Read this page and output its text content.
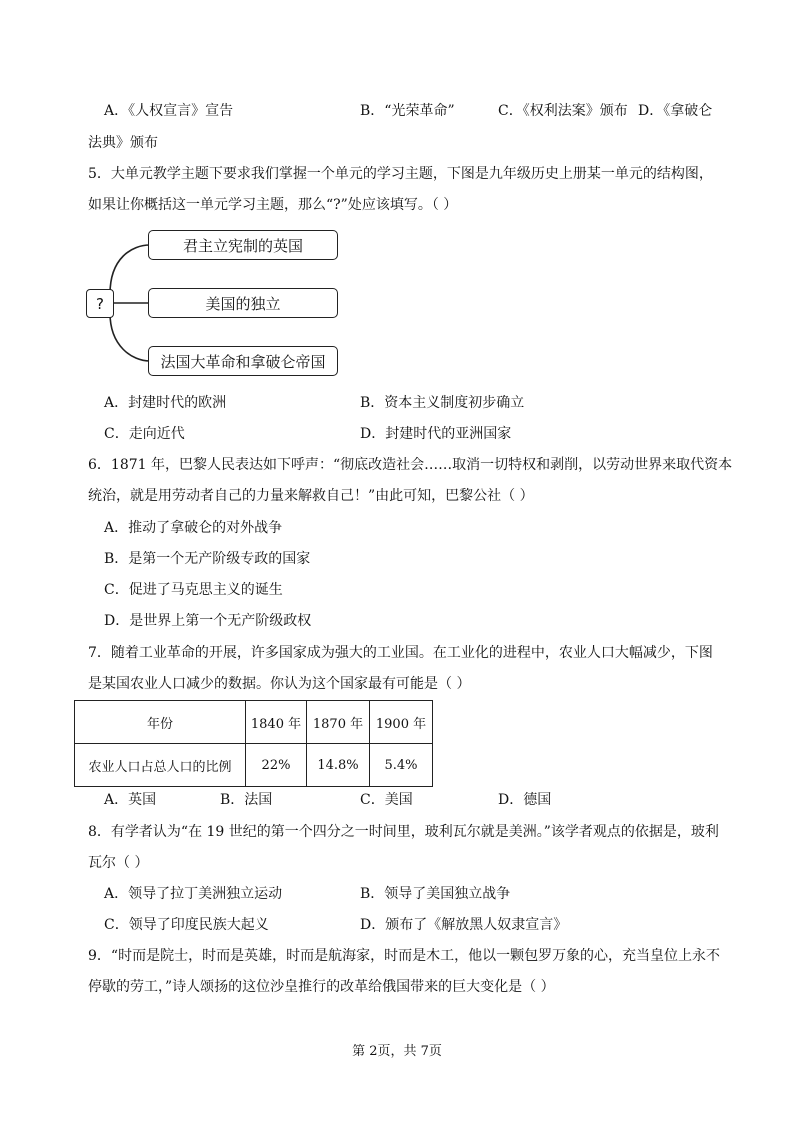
A．《人权宣言》宣告	B．“光荣革命”	C．《权利法案》颁布 D．《拿破仑
法典》颁布
5．大单元教学主题下要求我们掌握一个单元的学习主题，下图是九年级历史上册某一单元的结构图，
如果让你概括这一单元学习主题，那么“?”处应该填写。（ ）
?
君主立宪制的英国
美国的独立
法国大革命和拿破仑帝国
A．封建时代的欧洲	B．资本主义制度初步确立
C．走向近代	D．封建时代的亚洲国家
6．1871 年，巴黎人民表达如下呼声：“彻底改造社会……取消一切特权和剥削，以劳动世界来取代资本
统治，就是用劳动者自己的力量来解救自己！”由此可知，巴黎公社（ ）
A．推动了拿破仑的对外战争
B．是第一个无产阶级专政的国家
C．促进了马克思主义的诞生
D．是世界上第一个无产阶级政权
7．随着工业革命的开展，许多国家成为强大的工业国。在工业化的进程中，农业人口大幅减少，下图
是某国农业人口减少的数据。你认为这个国家最有可能是（ ）
年份	1840 年	1870 年	1900 年
农业人口占总人口的比例	22%	14.8%	5.4%
A．英国	B．法国	C．美国	D．德国
8．有学者认为“在 19 世纪的第一个四分之一时间里，玻利瓦尔就是美洲。”该学者观点的依据是，玻利
瓦尔（ ）
A．领导了拉丁美洲独立运动	B．领导了美国独立战争
C．领导了印度民族大起义	D．颁布了《解放黑人奴隶宣言》
9．“时而是院士，时而是英雄，时而是航海家，时而是木工，他以一颗包罗万象的心，充当皇位上永不
停歇的劳工，”诗人颂扬的这位沙皇推行的改革给俄国带来的巨大变化是（ ）
第 2页，共 7页
